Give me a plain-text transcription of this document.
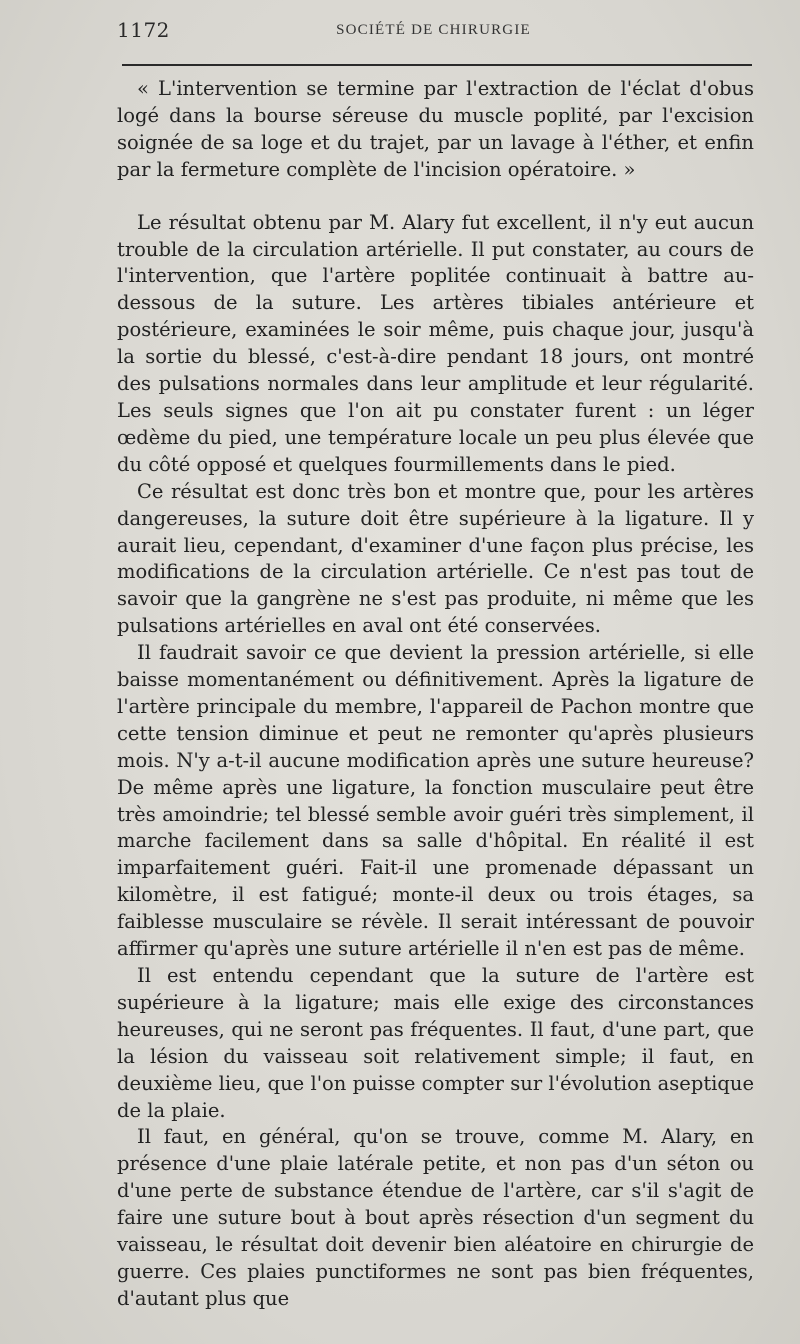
1172	SOCIÉTÉ DE CHIRURGIE

« L'intervention se termine par l'extraction de l'éclat d'obus logé dans la bourse séreuse du muscle poplité, par l'excision soignée de sa loge et du trajet, par un lavage à l'éther, et enfin par la fermeture complète de l'incision opératoire. »

Le résultat obtenu par M. Alary fut excellent, il n'y eut aucun trouble de la circulation artérielle. Il put constater, au cours de l'intervention, que l'artère poplitée continuait à battre au-dessous de la suture. Les artères tibiales antérieure et postérieure, examinées le soir même, puis chaque jour, jusqu'à la sortie du blessé, c'est-à-dire pendant 18 jours, ont montré des pulsations normales dans leur amplitude et leur régularité. Les seuls signes que l'on ait pu constater furent : un léger œdème du pied, une température locale un peu plus élevée que du côté opposé et quelques fourmillements dans le pied.

Ce résultat est donc très bon et montre que, pour les artères dangereuses, la suture doit être supérieure à la ligature. Il y aurait lieu, cependant, d'examiner d'une façon plus précise, les modifications de la circulation artérielle. Ce n'est pas tout de savoir que la gangrène ne s'est pas produite, ni même que les pulsations artérielles en aval ont été conservées.

Il faudrait savoir ce que devient la pression artérielle, si elle baisse momentanément ou définitivement. Après la ligature de l'artère principale du membre, l'appareil de Pachon montre que cette tension diminue et peut ne remonter qu'après plusieurs mois. N'y a-t-il aucune modification après une suture heureuse? De même après une ligature, la fonction musculaire peut être très amoindrie; tel blessé semble avoir guéri très simplement, il marche facilement dans sa salle d'hôpital. En réalité il est imparfaitement guéri. Fait-il une promenade dépassant un kilomètre, il est fatigué; monte-il deux ou trois étages, sa faiblesse musculaire se révèle. Il serait intéressant de pouvoir affirmer qu'après une suture artérielle il n'en est pas de même.

Il est entendu cependant que la suture de l'artère est supérieure à la ligature; mais elle exige des circonstances heureuses, qui ne seront pas fréquentes. Il faut, d'une part, que la lésion du vaisseau soit relativement simple; il faut, en deuxième lieu, que l'on puisse compter sur l'évolution aseptique de la plaie.

Il faut, en général, qu'on se trouve, comme M. Alary, en présence d'une plaie latérale petite, et non pas d'un séton ou d'une perte de substance étendue de l'artère, car s'il s'agit de faire une suture bout à bout après résection d'un segment du vaisseau, le résultat doit devenir bien aléatoire en chirurgie de guerre. Ces plaies punctiformes ne sont pas bien fréquentes, d'autant plus que
